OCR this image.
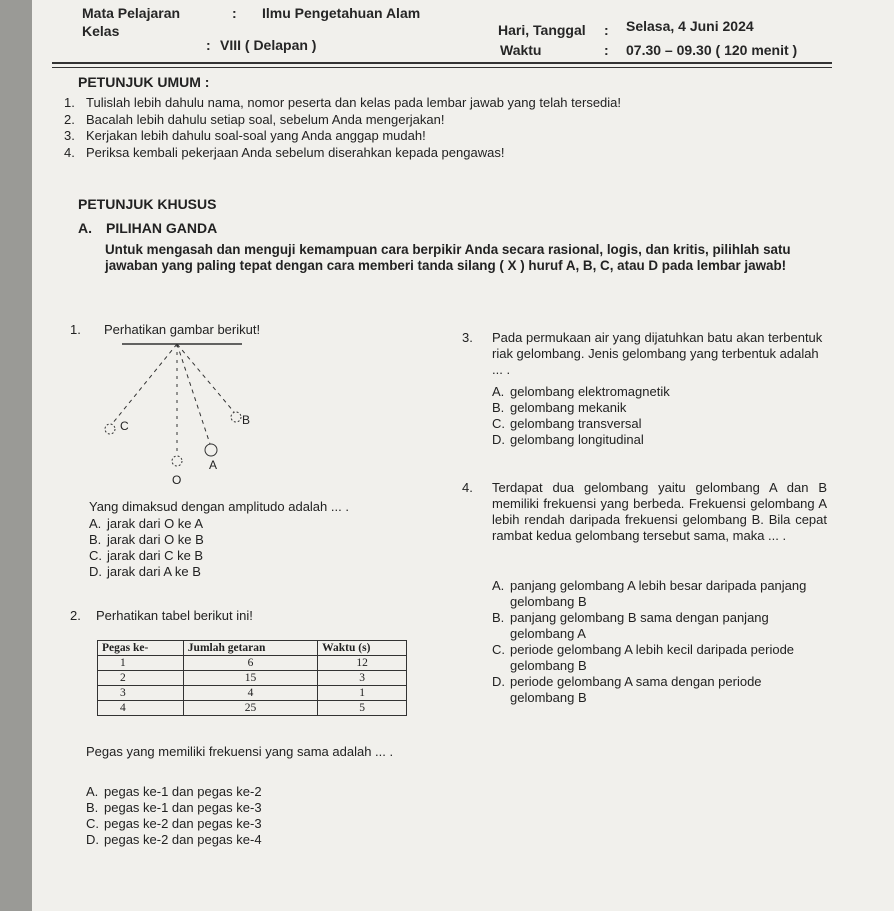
Mata Pelajaran	: Ilmu Pengetahuan Alam
Kelas
: VIII ( Delapan )
Hari, Tanggal : Selasa, 4 Juni 2024
Waktu	: 07.30 – 09.30 ( 120 menit )
PETUNJUK UMUM :
1. Tulislah lebih dahulu nama, nomor peserta dan kelas pada lembar jawab yang telah tersedia!
2. Bacalah lebih dahulu setiap soal, sebelum Anda mengerjakan!
3. Kerjakan lebih dahulu soal-soal yang Anda anggap mudah!
4. Periksa kembali pekerjaan Anda sebelum diserahkan kepada pengawas!
PETUNJUK KHUSUS
A. PILIHAN GANDA
Untuk mengasah dan menguji kemampuan cara berpikir Anda secara rasional, logis, dan kritis, pilihlah satu jawaban yang paling tepat dengan cara memberi tanda silang ( X ) huruf A, B, C, atau D pada lembar jawab!
1. Perhatikan gambar berikut!
C
O
A
B
Yang dimaksud dengan amplitudo adalah ... .
A. jarak dari O ke A
B. jarak dari O ke B
C. jarak dari C ke B
D. jarak dari A ke B
2. Perhatikan tabel berikut ini!
Pegas ke-	Jumlah getaran	Waktu (s)
1	6	12
2	15	3
3	4	1
4	25	5
Pegas yang memiliki frekuensi yang sama adalah ... .
A. pegas ke-1 dan pegas ke-2
B. pegas ke-1 dan pegas ke-3
C. pegas ke-2 dan pegas ke-3
D. pegas ke-2 dan pegas ke-4
3. Pada permukaan air yang dijatuhkan batu akan terbentuk riak gelombang. Jenis gelombang yang terbentuk adalah ... .
A. gelombang elektromagnetik
B. gelombang mekanik
C. gelombang transversal
D. gelombang longitudinal
4. Terdapat dua gelombang yaitu gelombang A dan B memiliki frekuensi yang berbeda. Frekuensi gelombang A lebih rendah daripada frekuensi gelombang B. Bila cepat rambat kedua gelombang tersebut sama, maka ... .
A. panjang gelombang A lebih besar daripada panjang gelombang B
B. panjang gelombang B sama dengan panjang gelombang A
C. periode gelombang A lebih kecil daripada periode gelombang B
D. periode gelombang A sama dengan periode gelombang B
